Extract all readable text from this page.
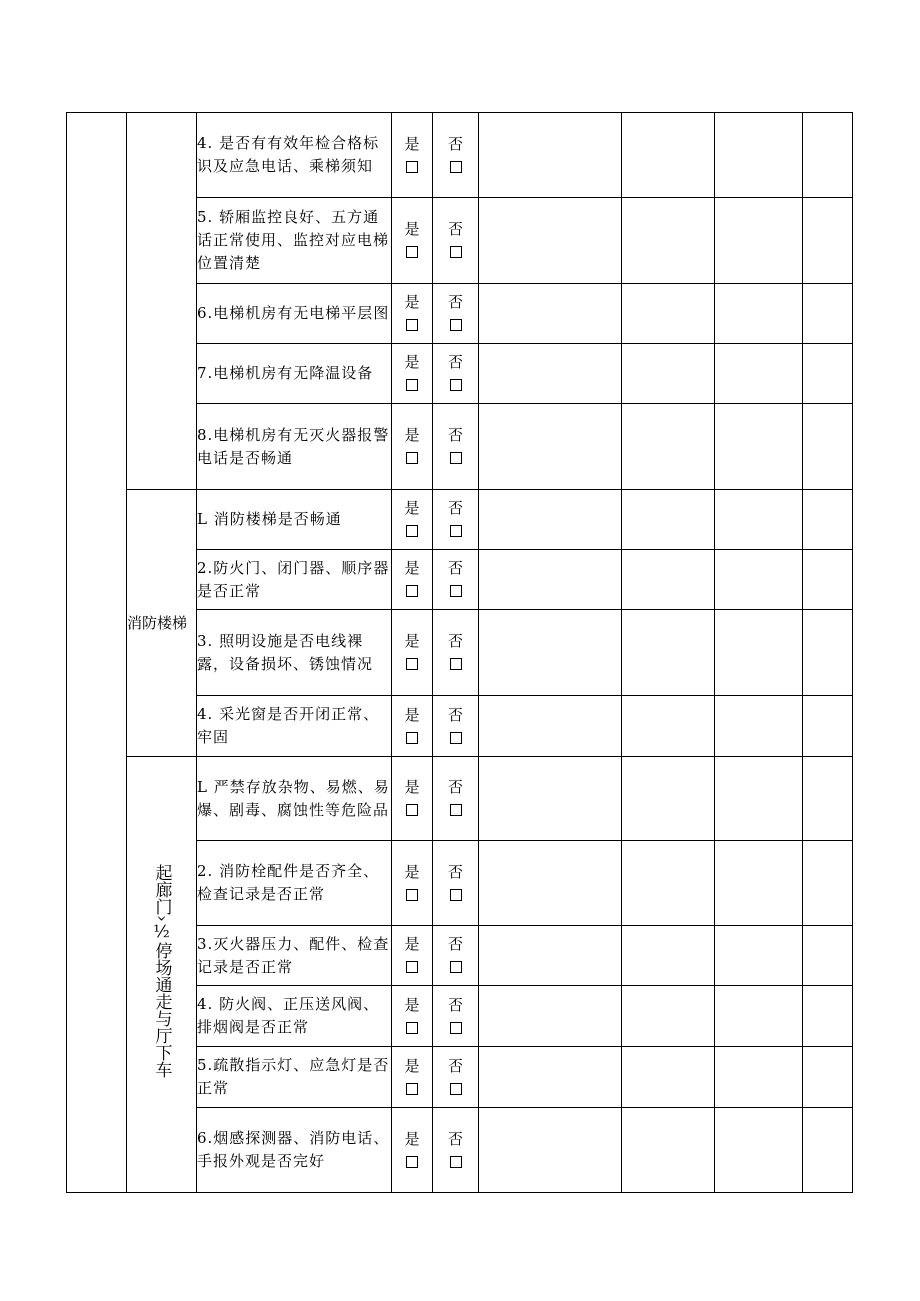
		4. 是否有有效年检合格标识及应急电话、乘梯须知	是	否				

		5. 轿厢监控良好、五方通话正常使用、监控对应电梯位置清楚	是	否				

		6.电梯机房有无电梯平层图	是	否				

		7.电梯机房有无降温设备	是	否				

		8.电梯机房有无灭火器报警电话是否畅通	是	否				

	消防楼梯	L 消防楼梯是否畅通	是	否				

		2.防火门、闭门器、顺序器是否正常	是	否				

		3. 照明设施是否电线裸露，设备损坏、锈蚀情况	是	否				

		4. 采光窗是否开闭正常、牢固	是	否				

	起廊门›½停场通走与厅下车	L 严禁存放杂物、易燃、易爆、剧毒、腐蚀性等危险品	是	否				

		2. 消防栓配件是否齐全、检查记录是否正常	是	否				

		3.灭火器压力、配件、检查记录是否正常	是	否				

		4. 防火阀、正压送风阀、排烟阀是否正常	是	否				

		5.疏散指示灯、应急灯是否正常	是	否				

		6.烟感探测器、消防电话、手报外观是否完好	是	否				
